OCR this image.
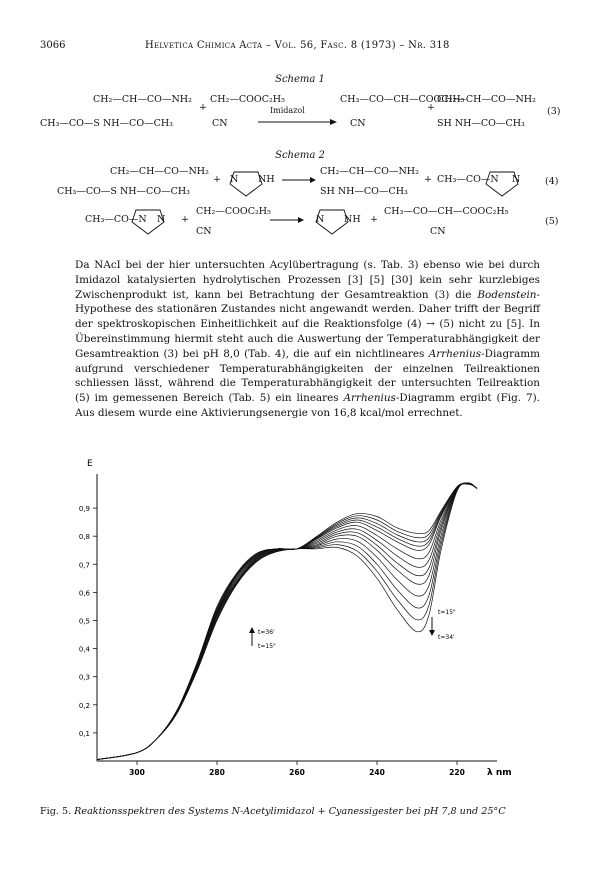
3066	Helvetica Chimica Acta – Vol. 56, Fasc. 8 (1973) – Nr. 318
Schema 1
CH₂—CH—CO—NH₂
CH₃—CO—S NH—CO—CH₃
+
CH₂—COOC₂H₅
CN
Imidazol
CH₃—CO—CH—COOC₂H₅
CN
+
CH₂—CH—CO—NH₂
SH NH—CO—CH₃
(3)
Schema 2
CH₂—CH—CO—NH₂
CH₃—CO—S NH—CO—CH₃
+ N NH →
CH₂—CH—CO—NH₂
SH NH—CO—CH₃
+ CH₃—CO—N N	(4)
CH₃—CO—N N +
CH₂—COOC₂H₅
CN
→ N NH +
CH₃—CO—CH—COOC₂H₅
CN
(5)
Da NAcI bei der hier untersuchten Acylübertragung (s. Tab. 3) ebenso wie bei durch Imidazol katalysierten hydrolytischen Prozessen [3] [5] [30] kein sehr kurzlebiges Zwischenprodukt ist, kann bei Betrachtung der Gesamtreaktion (3) die Bodenstein-Hypothese des stationären Zustandes nicht angewandt werden. Daher trifft der Begriff der spektroskopischen Einheitlichkeit auf die Reaktionsfolge (4) → (5) nicht zu [5]. In Übereinstimmung hiermit steht auch die Auswertung der Temperaturabhängigkeit der Gesamtreaktion (3) bei pH 8,0 (Tab. 4), die auf ein nichtlineares Arrhenius-Diagramm aufgrund verschiedener Temperaturabhängigkeiten der einzelnen Teilreaktionen schliessen lässt, während die Temperaturabhängigkeit der untersuchten Teilreaktion (5) im gemessenen Bereich (Tab. 5) ein lineares Arrhenius-Diagramm ergibt (Fig. 7). Aus diesem wurde eine Aktivierungsenergie von 16,8 kcal/mol errechnet.
0,9
0,8
0,7
0,6
0,5
0,4
0,3
0,2
0,1
300	280	260	240	220
E
λ nm
t=36'
t=15"
t=15"
t=34'
Fig. 5. Reaktionsspektren des Systems N-Acetylimidazol + Cyanessigester bei pH 7,8 und 25°C
